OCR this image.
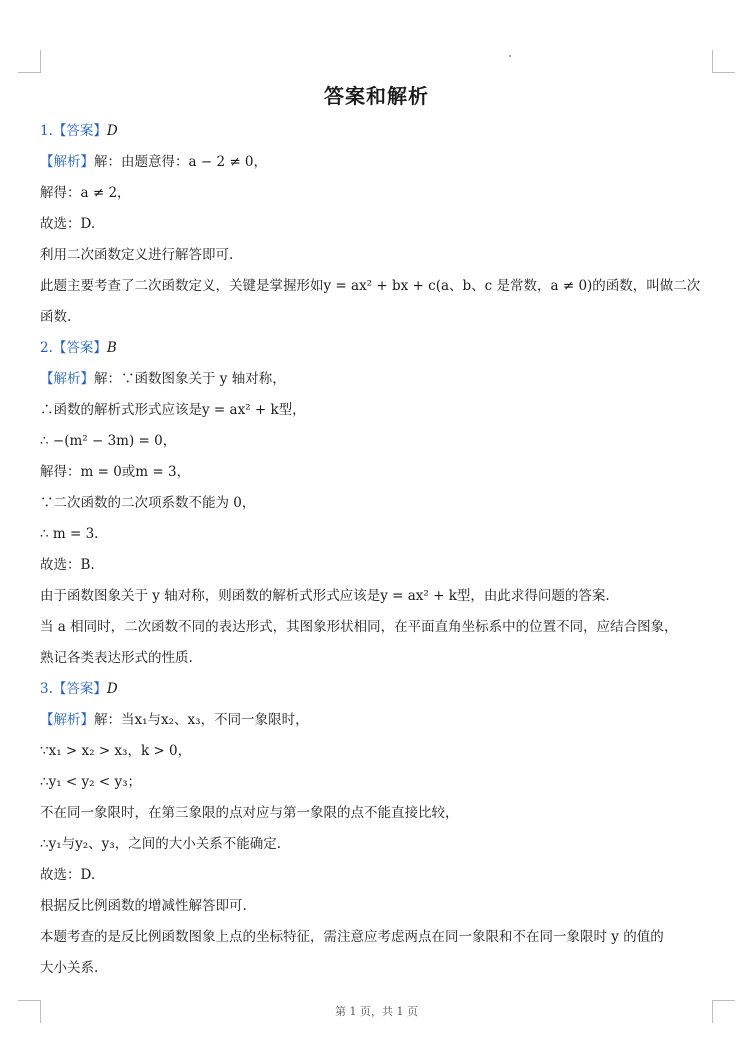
答案和解析
1.【答案】D
【解析】解：由题意得：a − 2 ≠ 0，
解得：a ≠ 2，
故选：D.
利用二次函数定义进行解答即可.
此题主要考查了二次函数定义，关键是掌握形如y = ax² + bx + c(a、b、c 是常数，a ≠ 0)的函数，叫做二次
函数.
2.【答案】B
【解析】解：∵函数图象关于 y 轴对称，
∴函数的解析式形式应该是y = ax² + k型，
∴ −(m² − 3m) = 0，
解得：m = 0或m = 3，
∵二次函数的二次项系数不能为 0，
∴ m = 3.
故选：B.
由于函数图象关于 y 轴对称，则函数的解析式形式应该是y = ax² + k型，由此求得问题的答案.
当 a 相同时，二次函数不同的表达形式，其图象形状相同，在平面直角坐标系中的位置不同，应结合图象，
熟记各类表达形式的性质.
3.【答案】D
【解析】解：当x₁与x₂、x₃，不同一象限时，
∵x₁ > x₂ > x₃，k > 0，
∴y₁ < y₂ < y₃；
不在同一象限时，在第三象限的点对应与第一象限的点不能直接比较，
∴y₁与y₂、y₃，之间的大小关系不能确定.
故选：D.
根据反比例函数的增减性解答即可.
本题考查的是反比例函数图象上点的坐标特征，需注意应考虑两点在同一象限和不在同一象限时 y 的值的
大小关系.
第 1 页，共 1 页
